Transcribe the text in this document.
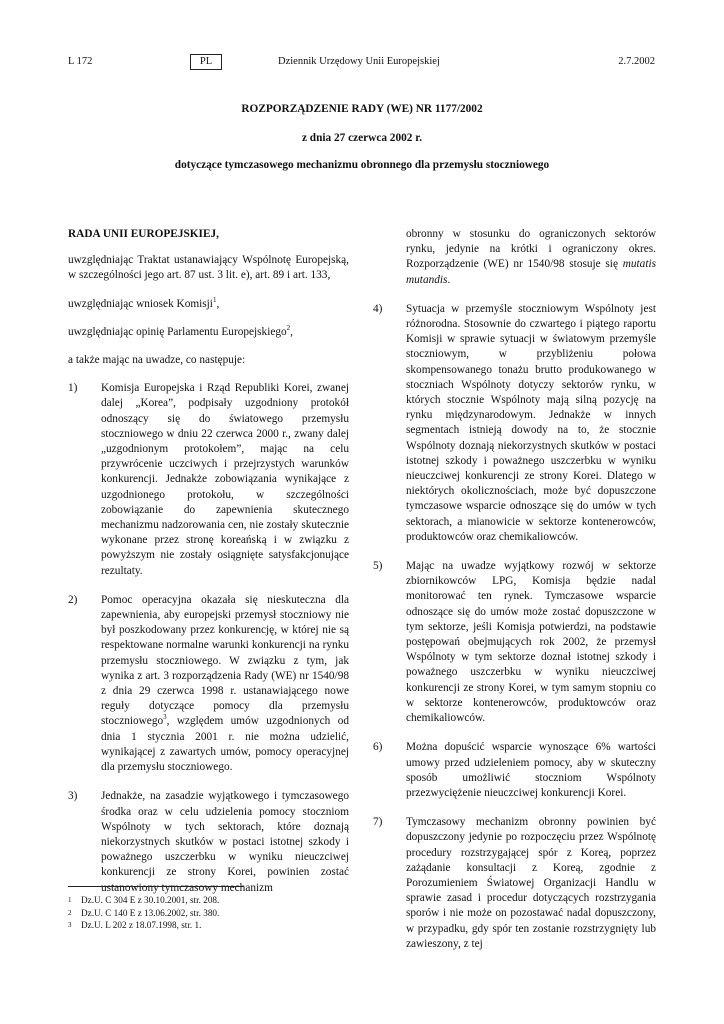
L 172	PL	Dziennik Urzędowy Unii Europejskiej	2.7.2002
ROZPORZĄDZENIE RADY (WE) NR 1177/2002
z dnia 27 czerwca 2002 r.
dotyczące tymczasowego mechanizmu obronnego dla przemysłu stoczniowego

RADA UNII EUROPEJSKIEJ,

uwzględniając Traktat ustanawiający Wspólnotę Europejską, w szczególności jego art. 87 ust. 3 lit. e), art. 89 i art. 133,

uwzględniając wniosek Komisji$^1$,

uwzględniając opinię Parlamentu Europejskiego$^2$,

a także mając na uwadze, co następuje:

1)	Komisja Europejska i Rząd Republiki Korei, zwanej dalej „Korea”, podpisały uzgodniony protokół odnoszący się do światowego przemysłu stoczniowego w dniu 22 czerwca 2000 r., zwany dalej „uzgodnionym protokołem”, mając na celu przywrócenie uczciwych i przejrzystych warunków konkurencji. Jednakże zobowiązania wynikające z uzgodnionego protokołu, w szczególności zobowiązanie do zapewnienia skutecznego mechanizmu nadzorowania cen, nie zostały skutecznie wykonane przez stronę koreańską i w związku z powyższym nie zostały osiągnięte satysfakcjonujące rezultaty.
2)	Pomoc operacyjna okazała się nieskuteczna dla zapewnienia, aby europejski przemysł stoczniowy nie był poszkodowany przez konkurencję, w której nie są respektowane normalne warunki konkurencji na rynku przemysłu stoczniowego. W związku z tym, jak wynika z art. 3 rozporządzenia Rady (WE) nr 1540/98 z dnia 29 czerwca 1998 r. ustanawiającego nowe reguły dotyczące pomocy dla przemysłu stoczniowego$^3$, względem umów uzgodnionych od dnia 1 stycznia 2001 r. nie można udzielić, wynikającej z zawartych umów, pomocy operacyjnej dla przemysłu stoczniowego.
3)	Jednakże, na zasadzie wyjątkowego i tymczasowego środka oraz w celu udzielenia pomocy stoczniom Wspólnoty w tych sektorach, które doznają niekorzystnych skutków w postaci istotnej szkody i poważnego uszczerbku w wyniku nieuczciwej konkurencji ze strony Korei, powinien zostać ustanowiony tymczasowy mechanizm
obronny w stosunku do ograniczonych sektorów rynku, jedynie na krótki i ograniczony okres. Rozporządzenie (WE) nr 1540/98 stosuje się mutatis mutandis.
4)	Sytuacja w przemyśle stoczniowym Wspólnoty jest różnorodna. Stosownie do czwartego i piątego raportu Komisji w sprawie sytuacji w światowym przemyśle stoczniowym, w przybliżeniu połowa skompensowanego tonażu brutto produkowanego w stoczniach Wspólnoty dotyczy sektorów rynku, w których stocznie Wspólnoty mają silną pozycję na rynku międzynarodowym. Jednakże w innych segmentach istnieją dowody na to, że stocznie Wspólnoty doznają niekorzystnych skutków w postaci istotnej szkody i poważnego uszczerbku w wyniku nieuczciwej konkurencji ze strony Korei. Dlatego w niektórych okolicznościach, może być dopuszczone tymczasowe wsparcie odnoszące się do umów w tych sektorach, a mianowicie w sektorze kontenerowców, produktowców oraz chemikaliowców.
5)	Mając na uwadze wyjątkowy rozwój w sektorze zbiornikowców LPG, Komisja będzie nadal monitorować ten rynek. Tymczasowe wsparcie odnoszące się do umów może zostać dopuszczone w tym sektorze, jeśli Komisja potwierdzi, na podstawie postępowań obejmujących rok 2002, że przemysł Wspólnoty w tym sektorze doznał istotnej szkody i poważnego uszczerbku w wyniku nieuczciwej konkurencji ze strony Korei, w tym samym stopniu co w sektorze kontenerowców, produktowców oraz chemikaliowców.
6)	Można dopuścić wsparcie wynoszące 6% wartości umowy przed udzieleniem pomocy, aby w skuteczny sposób umożliwić stoczniom Wspólnoty przezwyciężenie nieuczciwej konkurencji Korei.
7)	Tymczasowy mechanizm obronny powinien być dopuszczony jedynie po rozpoczęciu przez Wspólnotę procedury rozstrzygającej spór z Koreą, poprzez zażądanie konsultacji z Koreą, zgodnie z Porozumieniem Światowej Organizacji Handlu w sprawie zasad i procedur dotyczących rozstrzygania sporów i nie może on pozostawać nadal dopuszczony, w przypadku, gdy spór ten zostanie rozstrzygnięty lub zawieszony, z tej
1	Dz.U. C 304 E z 30.10.2001, str. 208.
2	Dz.U. C 140 E z 13.06.2002, str. 380.
3	Dz.U. L 202 z 18.07.1998, str. 1.
